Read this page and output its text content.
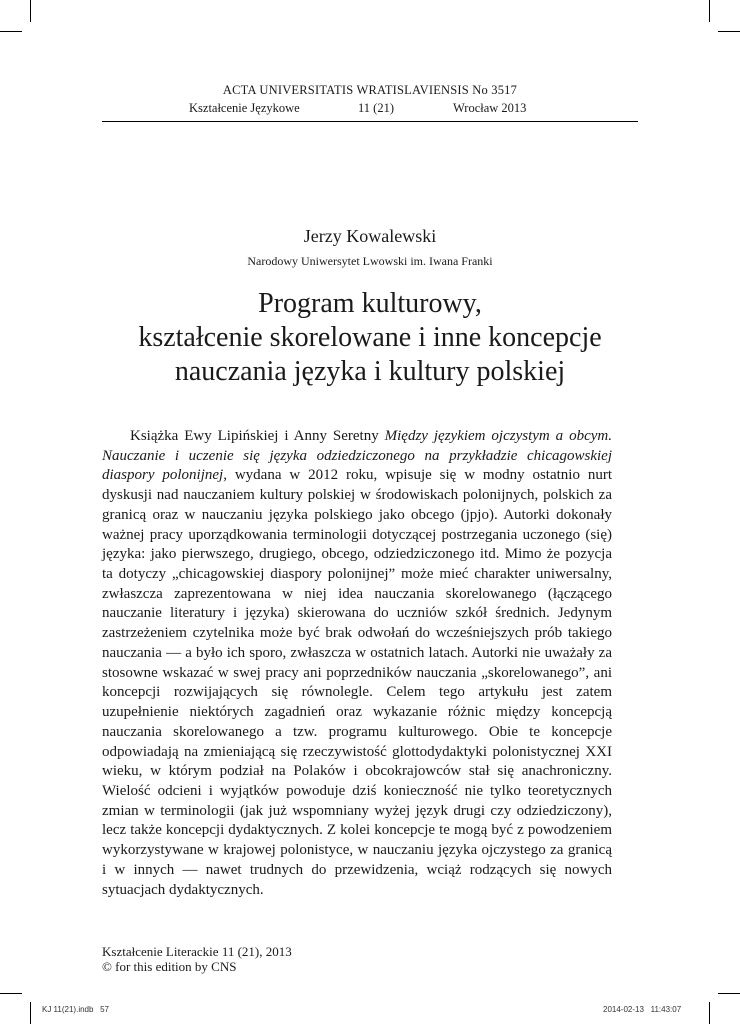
ACTA UNIVERSITATIS WRATISLAVIENSIS No 3517
Kształcenie Językowe	11 (21)	Wrocław 2013
Jerzy Kowalewski
Narodowy Uniwersytet Lwowski im. Iwana Franki
Program kulturowy,
kształcenie skorelowane i inne koncepcje
nauczania języka i kultury polskiej

Książka Ewy Lipińskiej i Anny Seretny Między językiem ojczystym a obcym. Nauczanie i uczenie się języka odziedziczonego na przykładzie chicagowskiej diaspory polonijnej, wydana w 2012 roku, wpisuje się w modny ostatnio nurt dyskusji nad nauczaniem kultury polskiej w środowiskach polonijnych, polskich za granicą oraz w nauczaniu języka polskiego jako obcego (jpjo). Autorki dokonały ważnej pracy uporządkowania terminologii dotyczącej postrzegania uczonego (się) języka: jako pierwszego, drugiego, obcego, odziedziczonego itd. Mimo że pozycja ta dotyczy „chicagowskiej diaspory polonijnej” może mieć charakter uniwersalny, zwłaszcza zaprezentowana w niej idea nauczania skorelowanego (łączącego nauczanie literatury i języka) skierowana do uczniów szkół średnich. Jedynym zastrzeżeniem czytelnika może być brak odwołań do wcześniejszych prób takiego nauczania — a było ich sporo, zwłaszcza w ostatnich latach. Autorki nie uważały za stosowne wskazać w swej pracy ani poprzedników nauczania „skorelowanego”, ani koncepcji rozwijających się równolegle. Celem tego artykułu jest zatem uzupełnienie niektórych zagadnień oraz wykazanie różnic między koncepcją nauczania skorelowanego a tzw. programu kulturowego. Obie te koncepcje odpowiadają na zmieniającą się rzeczywistość glottodydaktyki polonistycznej XXI wieku, w którym podział na Polaków i obcokrajowców stał się anachroniczny. Wielość odcieni i wyjątków powoduje dziś konieczność nie tylko teoretycznych zmian w terminologii (jak już wspomniany wyżej język drugi czy odziedziczony), lecz także koncepcji dydaktycznych. Z kolei koncepcje te mogą być z powodzeniem wykorzystywane w krajowej polonistyce, w nauczaniu języka ojczystego za granicą i w innych — nawet trudnych do przewidzenia, wciąż rodzących się nowych sytuacjach dydaktycznych.

Kształcenie Literackie 11 (21), 2013
© for this edition by CNS
KJ 11(21).indb   57	2014-02-13   11:43:07
